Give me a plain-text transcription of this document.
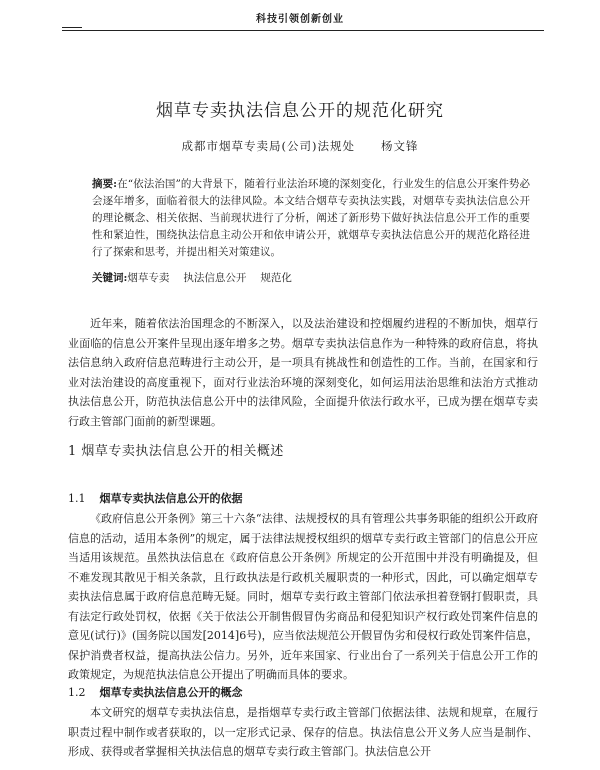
科技引领创新创业
烟草专卖执法信息公开的规范化研究
成都市烟草专卖局(公司)法规处 杨文锋
摘要:在“依法治国”的大背景下，随着行业法治环境的深刻变化，行业发生的信息公开案件势必会逐年增多，面临着很大的法律风险。本文结合烟草专卖执法实践，对烟草专卖执法信息公开的理论概念、相关依据、当前现状进行了分析，阐述了新形势下做好执法信息公开工作的重要性和紧迫性，围绕执法信息主动公开和依申请公开，就烟草专卖执法信息公开的规范化路径进行了探索和思考，并提出相关对策建议。
关键词:烟草专卖 执法信息公开 规范化
近年来，随着依法治国理念的不断深入，以及法治建设和控烟履约进程的不断加快，烟草行业面临的信息公开案件呈现出逐年增多之势。烟草专卖执法信息作为一种特殊的政府信息，将执法信息纳入政府信息范畴进行主动公开，是一项具有挑战性和创造性的工作。当前，在国家和行业对法治建设的高度重视下，面对行业法治环境的深刻变化，如何运用法治思维和法治方式推动执法信息公开，防范执法信息公开中的法律风险，全面提升依法行政水平，已成为摆在烟草专卖行政主管部门面前的新型课题。
1 烟草专卖执法信息公开的相关概述
1.1 烟草专卖执法信息公开的依据
《政府信息公开条例》第三十六条“法律、法规授权的具有管理公共事务职能的组织公开政府信息的活动，适用本条例”的规定，属于法律法规授权组织的烟草专卖行政主管部门的信息公开应当适用该规范。虽然执法信息在《政府信息公开条例》所规定的公开范围中并没有明确提及，但不难发现其散见于相关条款，且行政执法是行政机关履职责的一种形式，因此，可以确定烟草专卖执法信息属于政府信息范畴无疑。同时，烟草专卖行政主管部门依法承担着登钢打假职责，具有法定行政处罚权，依据《关于依法公开制售假冒伪劣商品和侵犯知识产权行政处罚案件信息的意见(试行)》(国务院以国发[2014]6号)，应当依法规范公开假冒伪劣和侵权行政处罚案件信息，保护消费者权益，提高执法公信力。另外，近年来国家、行业出台了一系列关于信息公开工作的政策规定，为规范执法信息公开提出了明确而具体的要求。
1.2 烟草专卖执法信息公开的概念
本文研究的烟草专卖执法信息，是指烟草专卖行政主管部门依据法律、法规和规章，在履行职责过程中制作或者获取的，以一定形式记录、保存的信息。执法信息公开义务人应当是制作、形成、获得或者掌握相关执法信息的烟草专卖行政主管部门。执法信息公开
